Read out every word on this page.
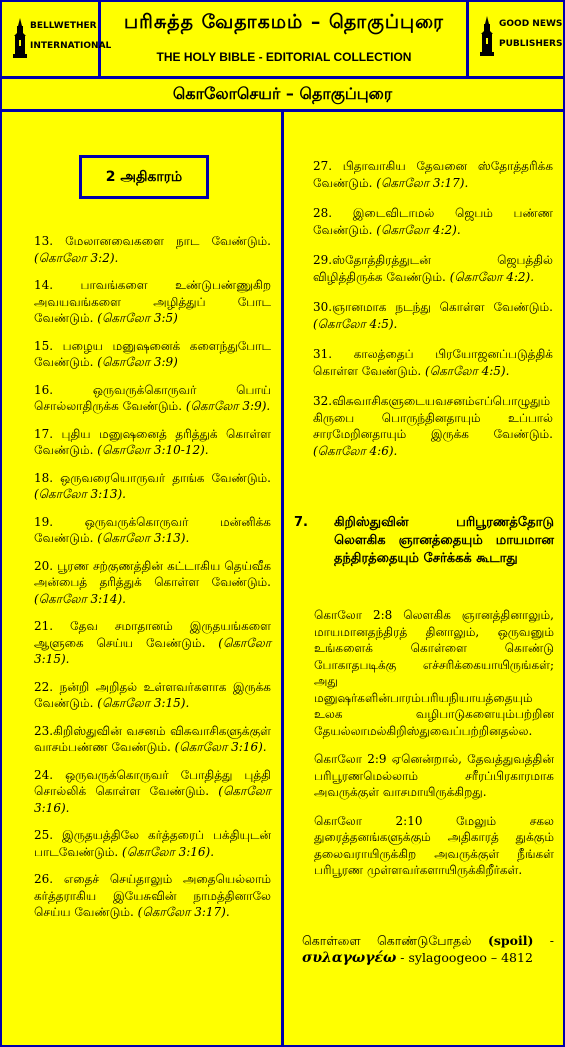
BELLWETHER
INTERNATIONAL
பரிசுத்த வேதாகமம் – தொகுப்புரை
THE HOLY BIBLE - EDITORIAL COLLECTION
GOOD NEWS
PUBLISHERS
கொலோசெயர் – தொகுப்புரை
2 அதிகாரம்
13. மேலானவைகளை நாட வேண்டும். (கொலோ 3:2).
14. பாவங்களை உண்டுபண்ணுகிற அவயவங்களை அழித்துப் போட வேண்டும். (கொலோ 3:5)
15. பழைய மனுஷனைக் களைந்துபோட வேண்டும். (கொலோ 3:9)
16. ஒருவருக்கொருவர் பொய் சொல்லாதிருக்க வேண்டும். (கொலோ 3:9).
17. புதிய மனுஷனைத் தரித்துக் கொள்ள வேண்டும். (கொலோ 3:10-12).
18. ஒருவரையொருவர் தாங்க வேண்டும். (கொலோ 3:13).
19. ஒருவருக்கொருவர் மன்னிக்க வேண்டும். (கொலோ 3:13).
20. பூரண சற்குணத்தின் கட்டாகிய தெய்வீக அன்பைத் தரித்துக் கொள்ள வேண்டும். (கொலோ 3:14).
21. தேவ சமாதானம் இருதயங்களை ஆளுகை செய்ய வேண்டும். (கொலோ 3:15).
22. நன்றி அறிதல் உள்ளவர்களாக இருக்க வேண்டும். (கொலோ 3:15).
23.கிறிஸ்துவின் வசனம் விசுவாசிகளுக்குள் வாசம்பண்ண வேண்டும். (கொலோ 3:16).
24. ஒருவருக்கொருவர் போதித்து புத்தி சொல்லிக் கொள்ள வேண்டும். (கொலோ 3:16).
25. இருதயத்திலே கர்த்தரைப் பக்தியுடன் பாடவேண்டும். (கொலோ 3:16).
26. எதைச் செய்தாலும் அதையெல்லாம் கர்த்தராகிய இயேசுவின் நாமத்தினாலே செய்ய வேண்டும். (கொலோ 3:17).
27. பிதாவாகிய தேவனை ஸ்தோத்தரிக்க வேண்டும். (கொலோ 3:17).
28. இடைவிடாமல் ஜெபம் பண்ண வேண்டும். (கொலோ 4:2).
29.ஸ்தோத்திரத்துடன் ஜெபத்தில் விழித்திருக்க வேண்டும். (கொலோ 4:2).
30.ஞானமாக நடந்து கொள்ள வேண்டும். (கொலோ 4:5).
31. காலத்தைப் பிரயோஜனப்படுத்திக் கொள்ள வேண்டும். (கொலோ 4:5).
32.விசுவாசிகளுடையவசனம்எப்பொழுதும் கிருபை பொருந்தினதாயும் உப்பால் சாரமேறினதாயும் இருக்க வேண்டும். (கொலோ 4:6).
7. கிறிஸ்துவின் பரிபூரணத்தோடு லௌகிக ஞானத்தையும் மாயமான தந்திரத்தையும் சேர்க்கக் கூடாது

கொலோ 2:8 லௌகிக ஞானத்தினாலும், மாயமானதந்திரத் தினாலும், ஒருவனும் உங்களைக் கொள்ளை கொண்டு போகாதபடிக்கு எச்சரிக்கையாயிருங்கள்; அது மனுஷர்களின்பாரம்பரியநியாயத்தையும் உலக வழிபாடுகளையும்பற்றின தேயல்லாமல்கிறிஸ்துவைப்பற்றினதல்ல.

கொலோ 2:9 ஏனென்றால், தேவத்துவத்தின் பரிபூரணமெல்லாம் சரீரப்பிரகாரமாக அவருக்குள் வாசமாயிருக்கிறது.

கொலோ 2:10 மேலும் சகல துரைத்தனங்களுக்கும் அதிகாரத் துக்கும் தலைவராயிருக்கிற அவருக்குள் நீங்கள் பரிபூரண முள்ளவர்களாயிருக்கிறீர்கள்.

கொள்ளை கொண்டுபோதல் (spoil) - συλαγωγέω - sylagoogeoo – 4812
